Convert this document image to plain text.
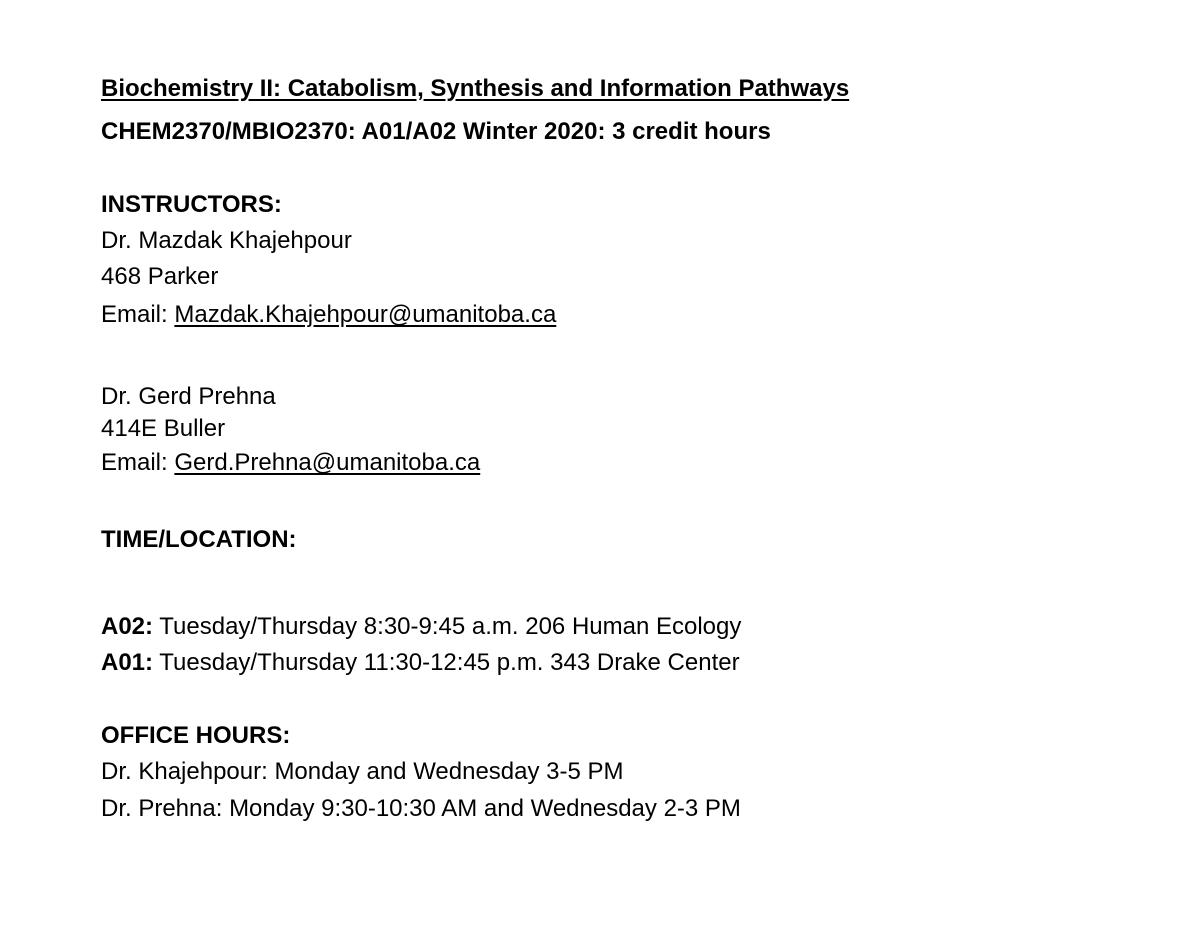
Biochemistry II: Catabolism, Synthesis and Information Pathways
CHEM2370/MBIO2370: A01/A02 Winter 2020: 3 credit hours
INSTRUCTORS:
Dr. Mazdak Khajehpour
468 Parker
Email: Mazdak.Khajehpour@umanitoba.ca
Dr. Gerd Prehna
414E Buller
Email: Gerd.Prehna@umanitoba.ca
TIME/LOCATION:
A02: Tuesday/Thursday 8:30-9:45 a.m. 206 Human Ecology
A01: Tuesday/Thursday 11:30-12:45 p.m. 343 Drake Center
OFFICE HOURS:
Dr. Khajehpour: Monday and Wednesday 3-5 PM
Dr. Prehna: Monday 9:30-10:30 AM and Wednesday 2-3 PM
